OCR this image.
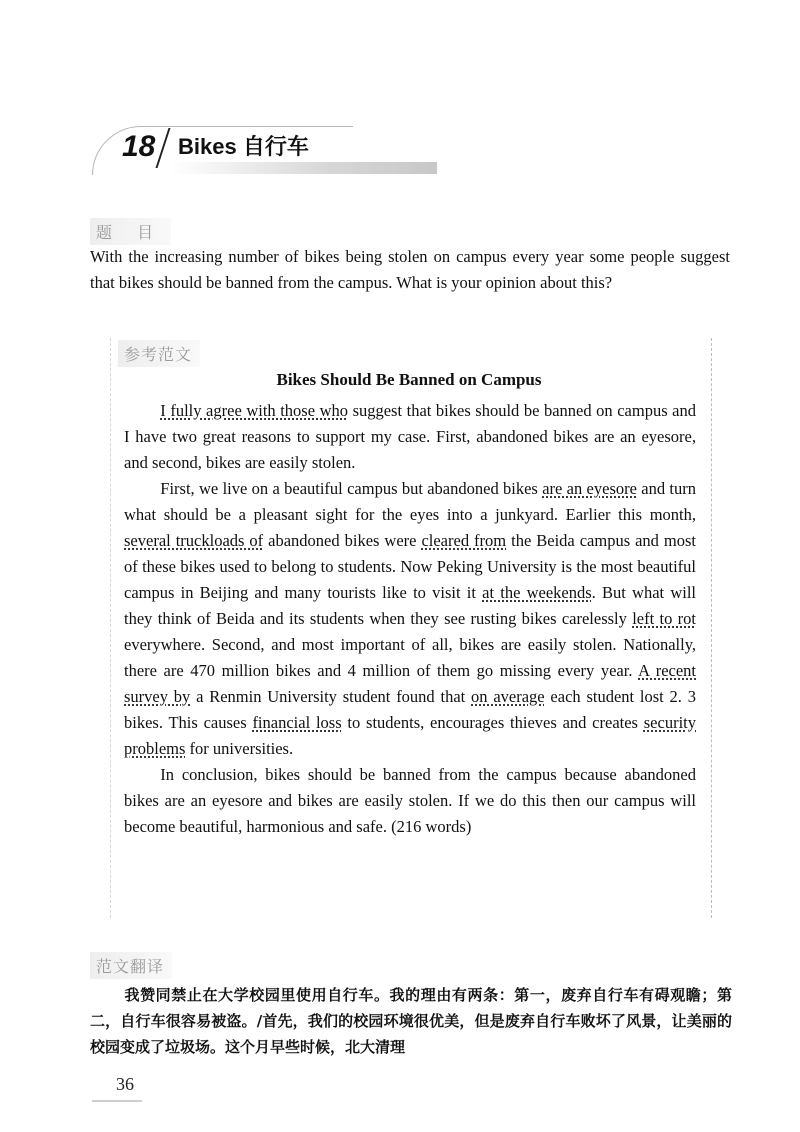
18 Bikes 自行车
题 目
With the increasing number of bikes being stolen on campus every year some people suggest that bikes should be banned from the campus. What is your opinion about this?
参考范文
Bikes Should Be Banned on Campus

I fully agree with those who suggest that bikes should be banned on campus and I have two great reasons to support my case. First, abandoned bikes are an eyesore, and second, bikes are easily stolen.

First, we live on a beautiful campus but abandoned bikes are an eyesore and turn what should be a pleasant sight for the eyes into a junkyard. Earlier this month, several truckloads of abandoned bikes were cleared from the Beida campus and most of these bikes used to belong to students. Now Peking University is the most beautiful campus in Beijing and many tourists like to visit it at the weekends. But what will they think of Beida and its students when they see rusting bikes carelessly left to rot everywhere. Second, and most important of all, bikes are easily stolen. Nationally, there are 470 million bikes and 4 million of them go missing every year. A recent survey by a Renmin University student found that on average each student lost 2. 3 bikes. This causes financial loss to students, encourages thieves and creates security problems for universities.

In conclusion, bikes should be banned from the campus because abandoned bikes are an eyesore and bikes are easily stolen. If we do this then our campus will become beautiful, harmonious and safe. (216 words)

范文翻译
我赞同禁止在大学校园里使用自行车。我的理由有两条：第一，废弃自行车有碍观瞻；第二，自行车很容易被盗。/首先，我们的校园环境很优美，但是废弃自行车败坏了风景，让美丽的校园变成了垃圾场。这个月早些时候，北大清理
36
